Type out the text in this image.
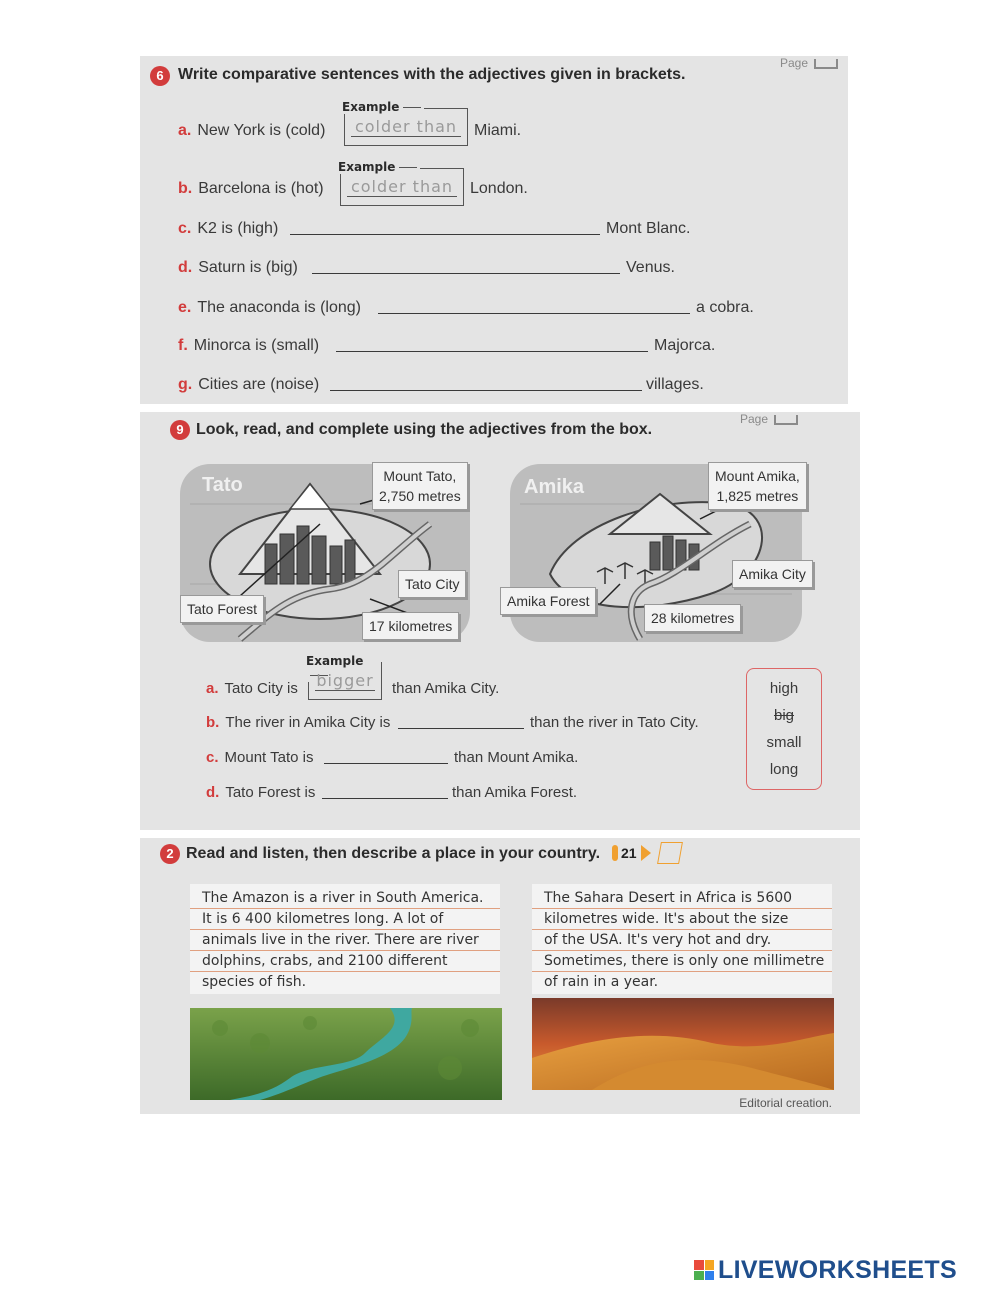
Page
6 Write comparative sentences with the adjectives given in brackets.
a. New York is (cold)
Example
colder than Miami.
b. Barcelona is (hot)
Example
colder than London.
c. K2 is (high)	Mont Blanc.
d. Saturn is (big)	Venus.
e. The anaconda is (long)	a cobra.
f. Minorca is (small)	Majorca.
g. Cities are (noise)	villages.
Page
9 Look, read, and complete using the adjectives from the box.
Tato	Mount Tato,
2,750 metres
Tato City
Tato Forest
17 kilometres
Amika	Mount Amika,
1,825 metres
Amika City
Amika Forest
28 kilometres
a. Tato City is
Example
bigger than Amika City.
b. The river in Amika City is	than the river in Tato City.
c. Mount Tato is	than Mount Amika.
d. Tato Forest is	than Amika Forest.
high
big
small
long
2 Read and listen, then describe a place in your country. 21
The Amazon is a river in South America.
It is 6 400 kilometres long. A lot of
animals live in the river. There are river
dolphins, crabs, and 2100 different
species of fish.
The Sahara Desert in Africa is 5600
kilometres wide. It's about the size
of the USA. It's very hot and dry.
Sometimes, there is only one millimetre
of rain in a year.
Editorial creation.
LIVEWORKSHEETS
